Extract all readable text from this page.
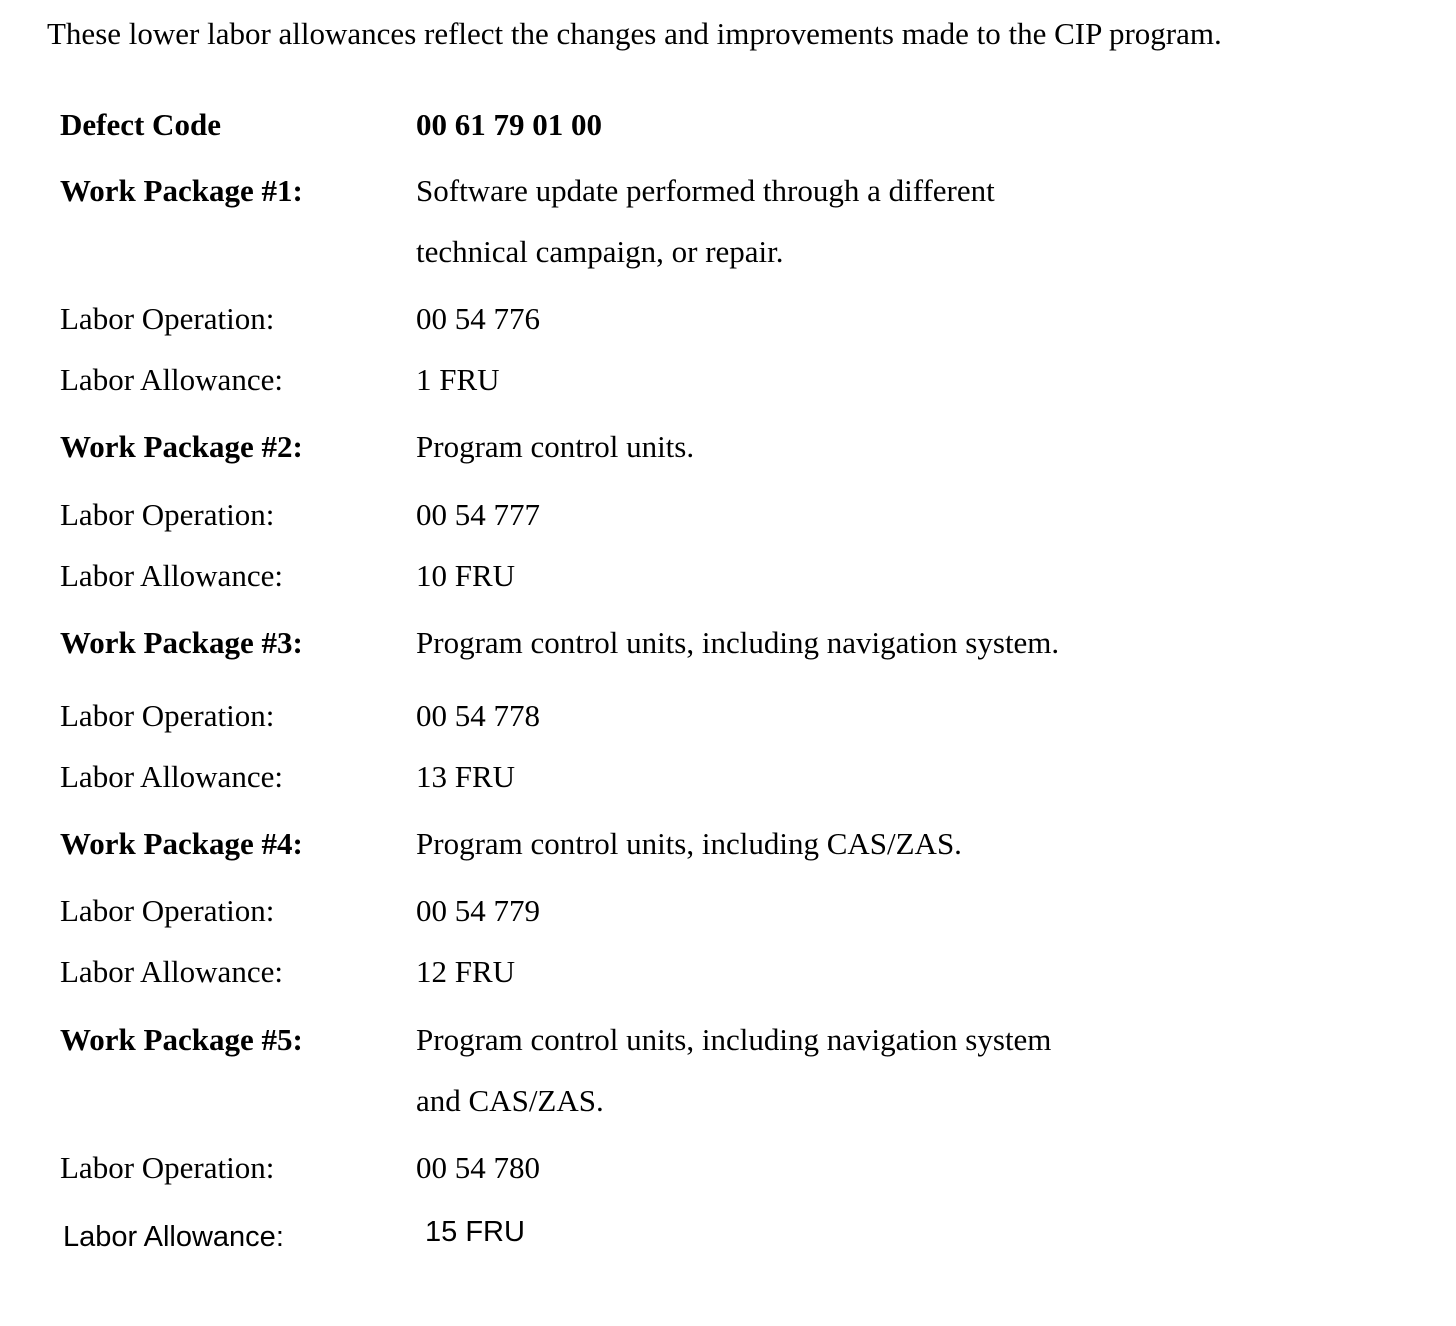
These lower labor allowances reflect the changes and improvements made to the CIP program.
Defect Code	00 61 79 01 00
Work Package #1:	Software update performed through a different
technical campaign, or repair.
Labor Operation:	00 54 776
Labor Allowance:	1 FRU
Work Package #2:	Program control units.
Labor Operation:	00 54 777
Labor Allowance:	10 FRU
Work Package #3:	Program control units, including navigation system.
Labor Operation:	00 54 778
Labor Allowance:	13 FRU
Work Package #4:	Program control units, including CAS/ZAS.
Labor Operation:	00 54 779
Labor Allowance:	12 FRU
Work Package #5:	Program control units, including navigation system
and CAS/ZAS.
Labor Operation:	00 54 780
Labor Allowance:	15 FRU
